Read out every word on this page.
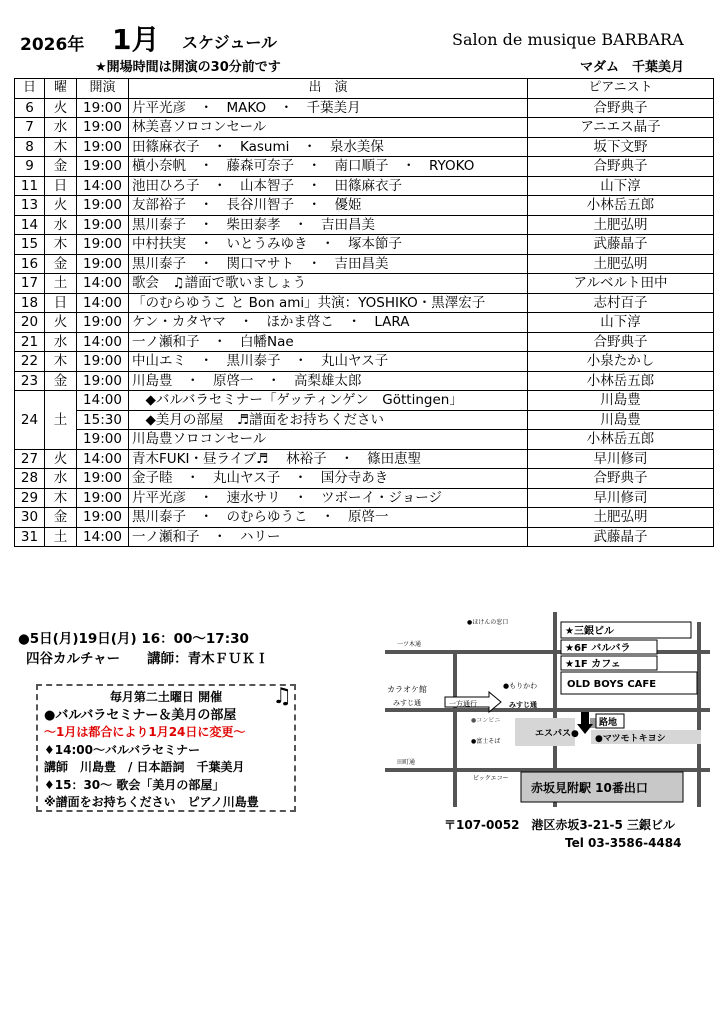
2026年 1月 スケジュール	Salon de musique BARBARA
★開場時間は開演の30分前です	マダム　千葉美月
日	曜	開演	出　演	ピアニスト
6	火	19:00	片平光彦　・　MAKO　・　千葉美月	合野典子
7	水	19:00	林美喜ソロコンセール	アニエス晶子
8	木	19:00	田篠麻衣子　・　Kasumi　・　泉水美保	坂下文野
9	金	19:00	槇小奈帆　・　藤森可奈子　・　南口順子　・　RYOKO	合野典子
11	日	14:00	池田ひろ子　・　山本智子　・　田篠麻衣子	山下淳
13	火	19:00	友部裕子　・　長谷川智子　・　優姫	小林岳五郎
14	水	19:00	黒川泰子　・　柴田泰孝　・　吉田昌美	土肥弘明
15	木	19:00	中村扶実　・　いとうみゆき　・　塚本節子	武藤晶子
16	金	19:00	黒川泰子　・　関口マサト　・　吉田昌美	土肥弘明
17	土	14:00	歌会　♫譜面で歌いましょう	アルベルト田中
18	日	14:00	「のむらゆうこ と Bon ami」共演：YOSHIKO・黒澤宏子	志村百子
20	火	19:00	ケン・カタヤマ　・　ほかま啓こ　・　LARA	山下淳
21	水	14:00	一ノ瀬和子　・　白幡Nae	合野典子
22	木	19:00	中山エミ　・　黒川泰子　・　丸山ヤス子	小泉たかし
23	金	19:00	川島豊　・　原啓一　・　高梨雄太郎	小林岳五郎
24	土	14:00	　◆バルバラセミナー「ゲッティンゲン　Göttingen」	川島豊
		15:30	　◆美月の部屋　♬譜面をお持ちください	川島豊
		19:00	川島豊ソロコンセール	小林岳五郎
27	火	14:00	青木FUKI・昼ライブ♬　 林裕子　・　篠田恵聖	早川修司
28	水	19:00	金子睦　・　丸山ヤス子　・　国分寺あき	合野典子
29	木	19:00	片平光彦　・　速水サリ　・　ツボーイ・ジョージ	早川修司
30	金	19:00	黒川泰子　・　のむらゆうこ　・　原啓一	土肥弘明
31	土	14:00	一ノ瀬和子　・　ハリー	武藤晶子
●5日(月)19日(月) 16：00～17:30
四谷カルチャー　　講師：青木ＦＵＫＩ
♫
毎月第二土曜日 開催
●バルバラセミナー＆美月の部屋
～1月は都合により1月24日に変更～
♦14:00～バルバラセミナー
講師　川島豊　/ 日本語詞　千葉美月
♦15：30～ 歌会「美月の部屋」
※譜面をお持ちください　ピアノ川島豊
●ほけんの窓口
一ツ木通
★三銀ビル
★6F バルバラ
★1F カフェ
OLD BOYS CAFE
●もりかわ
カラオケ館
みすじ通	一方通行	みすじ通
●コンビニ	路地
エスパス● ●マツモトキヨシ
●富士そば
田町通
ビックエコー
赤坂見附駅 10番出口
〒107-0052　港区赤坂3-21-5 三銀ビル
Tel 03-3586-4484
